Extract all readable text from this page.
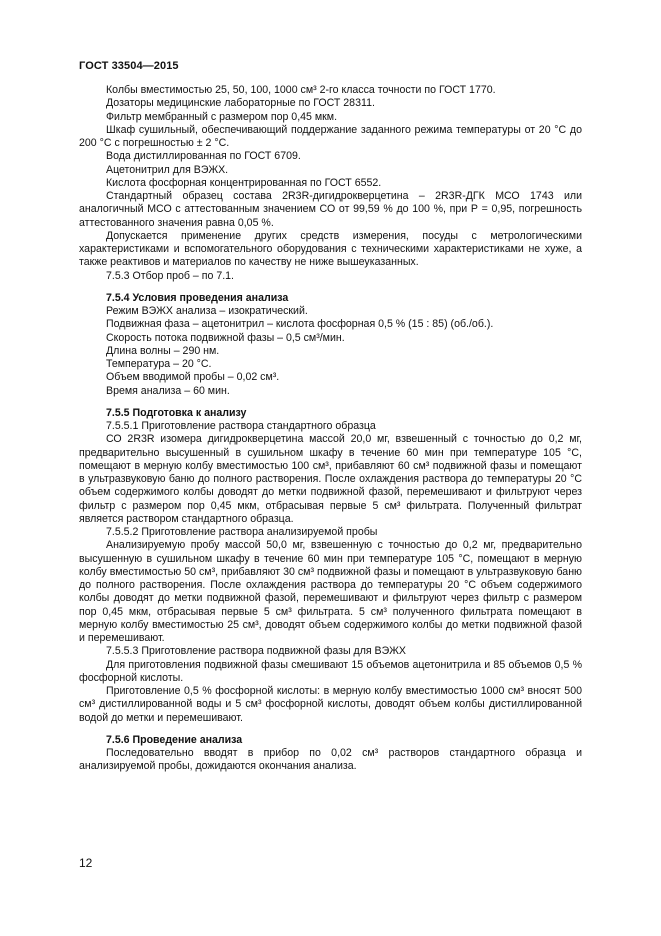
ГОСТ 33504—2015

Колбы вместимостью 25, 50, 100, 1000 см³ 2-го класса точности по ГОСТ 1770.

Дозаторы медицинские лабораторные по ГОСТ 28311.

Фильтр мембранный с размером пор 0,45 мкм.

Шкаф сушильный, обеспечивающий поддержание заданного режима температуры от 20 °С до 200 °С с погрешностью ± 2 °С.

Вода дистиллированная по ГОСТ 6709.

Ацетонитрил для ВЭЖХ.

Кислота фосфорная концентрированная по ГОСТ 6552.

Стандартный образец состава 2R3R-дигидрокверцетина – 2R3R-ДГК МСО 1743 или аналогичный МСО с аттестованным значением СО от 99,59 % до 100 %, при Р = 0,95, погрешность аттестованного значения равна 0,05 %.

Допускается применение других средств измерения, посуды с метрологическими характеристиками и вспомогательного оборудования с техническими характеристиками не хуже, а также реактивов и материалов по качеству не ниже вышеуказанных.

7.5.3 Отбор проб – по 7.1.

7.5.4 Условия проведения анализа

Режим ВЭЖХ анализа – изократический.

Подвижная фаза – ацетонитрил – кислота фосфорная 0,5 % (15 : 85) (об./об.).

Скорость потока подвижной фазы – 0,5 см³/мин.

Длина волны – 290 нм.

Температура – 20 °С.

Объем вводимой пробы – 0,02 см³.

Время анализа – 60 мин.

7.5.5 Подготовка к анализу

7.5.5.1 Приготовление раствора стандартного образца

СО 2R3R изомера дигидрокверцетина массой 20,0 мг, взвешенный с точностью до 0,2 мг, предварительно высушенный в сушильном шкафу в течение 60 мин при температуре 105 °С, помещают в мерную колбу вместимостью 100 см³, прибавляют 60 см³ подвижной фазы и помещают в ультразвуковую баню до полного растворения. После охлаждения раствора до температуры 20 °С объем содержимого колбы доводят до метки подвижной фазой, перемешивают и фильтруют через фильтр с размером пор 0,45 мкм, отбрасывая первые 5 см³ фильтрата. Полученный фильтрат является раствором стандартного образца.

7.5.5.2 Приготовление раствора анализируемой пробы

Анализируемую пробу массой 50,0 мг, взвешенную с точностью до 0,2 мг, предварительно высушенную в сушильном шкафу в течение 60 мин при температуре 105 °С, помещают в мерную колбу вместимостью 50 см³, прибавляют 30 см³ подвижной фазы и помещают в ультразвуковую баню до полного растворения. После охлаждения раствора до температуры 20 °С объем содержимого колбы доводят до метки подвижной фазой, перемешивают и фильтруют через фильтр с размером пор 0,45 мкм, отбрасывая первые 5 см³ фильтрата. 5 см³ полученного фильтрата помещают в мерную колбу вместимостью 25 см³, доводят объем содержимого колбы до метки подвижной фазой и перемешивают.

7.5.5.3 Приготовление раствора подвижной фазы для ВЭЖХ

Для приготовления подвижной фазы смешивают 15 объемов ацетонитрила и 85 объемов 0,5 % фосфорной кислоты.

Приготовление 0,5 % фосфорной кислоты: в мерную колбу вместимостью 1000 см³ вносят 500 см³ дистиллированной воды и 5 см³ фосфорной кислоты, доводят объем колбы дистиллированной водой до метки и перемешивают.

7.5.6 Проведение анализа

Последовательно вводят в прибор по 0,02 см³ растворов стандартного образца и анализируемой пробы, дожидаются окончания анализа.

12
